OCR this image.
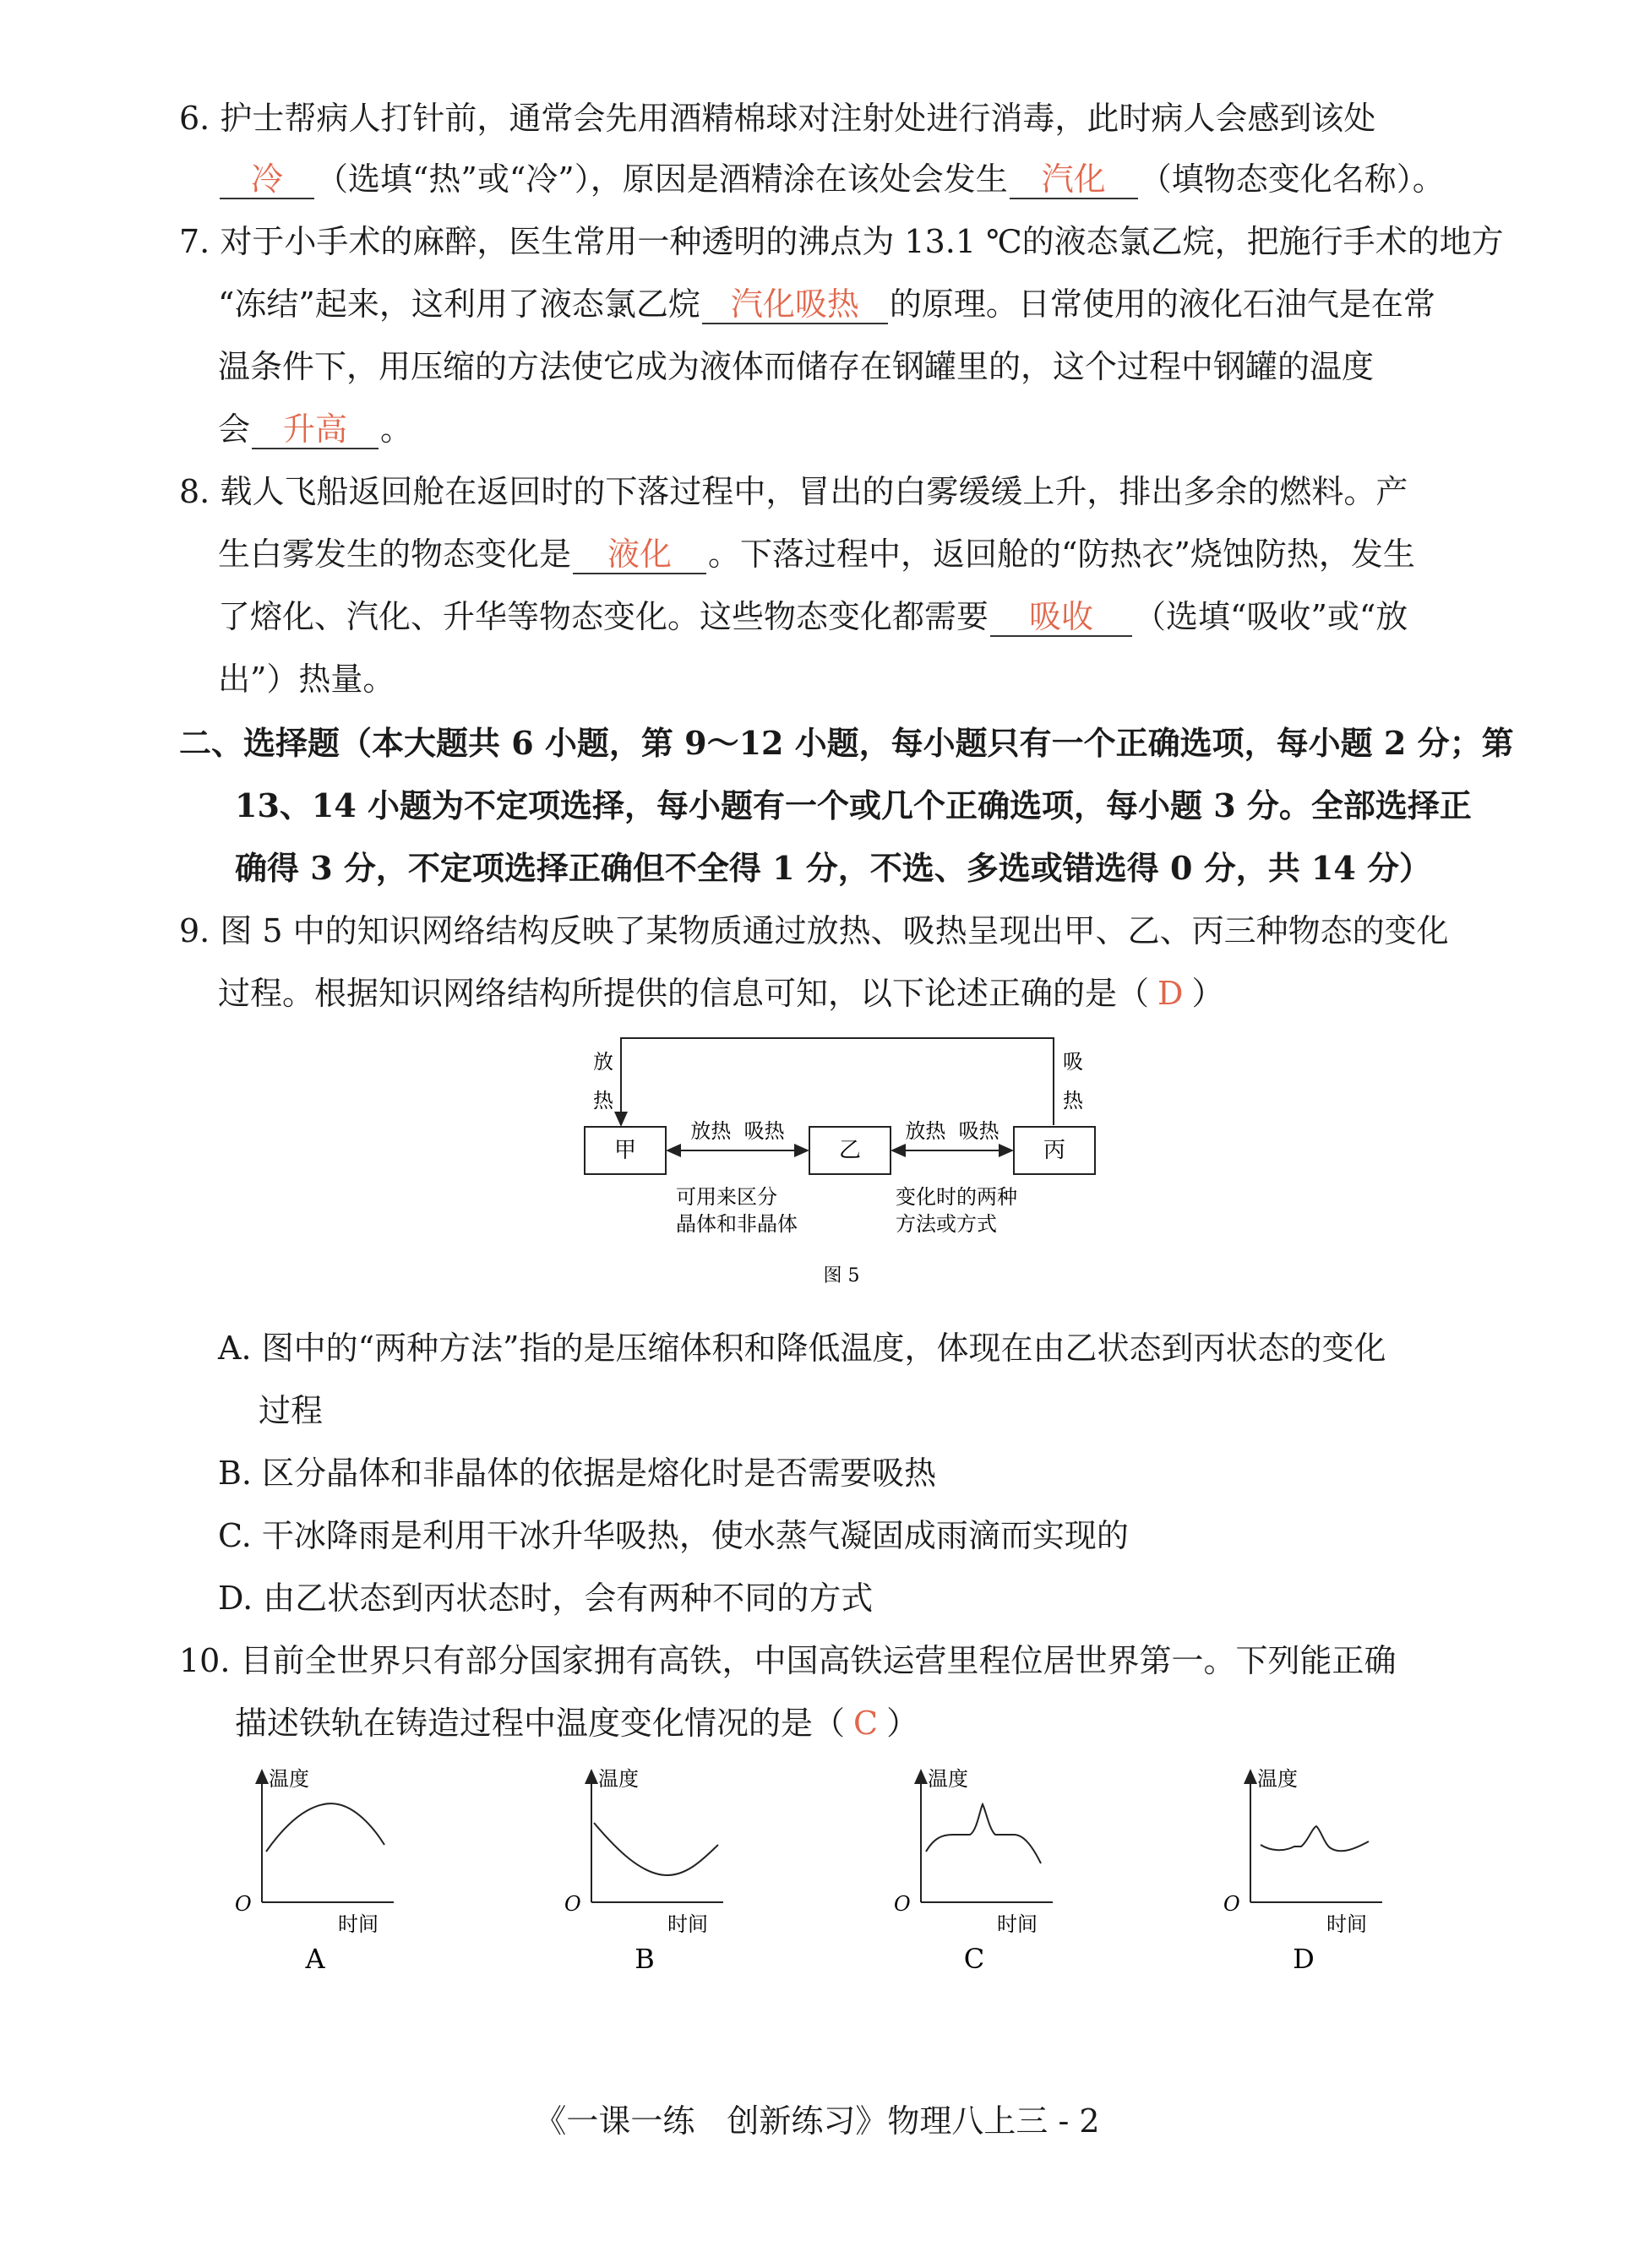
6. 护士帮病人打针前，通常会先用酒精棉球对注射处进行消毒，此时病人会感到该处
冷 （选填“热”或“冷”），原因是酒精涂在该处会发生 汽化 （填物态变化名称）。
7. 对于小手术的麻醉，医生常用一种透明的沸点为 13.1 ℃的液态氯乙烷，把施行手术的地方
“冻结”起来，这利用了液态氯乙烷 汽化吸热 的原理。日常使用的液化石油气是在常
温条件下，用压缩的方法使它成为液体而储存在钢罐里的，这个过程中钢罐的温度
会 升高 。
8. 载人飞船返回舱在返回时的下落过程中，冒出的白雾缓缓上升，排出多余的燃料。产
生白雾发生的物态变化是 液化 。下落过程中，返回舱的“防热衣”烧蚀防热，发生
了熔化、汽化、升华等物态变化。这些物态变化都需要 吸收 （选填“吸收”或“放
出”）热量。
二、选择题（本大题共 6 小题，第 9～12 小题，每小题只有一个正确选项，每小题 2 分；第
13、14 小题为不定项选择，每小题有一个或几个正确选项，每小题 3 分。全部选择正
确得 3 分，不定项选择正确但不全得 1 分，不选、多选或错选得 0 分，共 14 分）
9. 图 5 中的知识网络结构反映了某物质通过放热、吸热呈现出甲、乙、丙三种物态的变化
过程。根据知识网络结构所提供的信息可知，以下论述正确的是（ D ）
甲	乙	丙
放
热
吸
热
放热  吸热	放热  吸热
可用来区分
晶体和非晶体
变化时的两种
方法或方式
图 5
A. 图中的“两种方法”指的是压缩体积和降低温度，体现在由乙状态到丙状态的变化
过程
B. 区分晶体和非晶体的依据是熔化时是否需要吸热
C. 干冰降雨是利用干冰升华吸热，使水蒸气凝固成雨滴而实现的
D. 由乙状态到丙状态时，会有两种不同的方式
10. 目前全世界只有部分国家拥有高铁，中国高铁运营里程位居世界第一。下列能正确
描述铁轨在铸造过程中温度变化情况的是（ C ）
温度
O
时间
A
温度
O
时间
B
温度
O
时间
C
温度
O
时间
D
《一课一练　创新练习》物理八上三 - 2
